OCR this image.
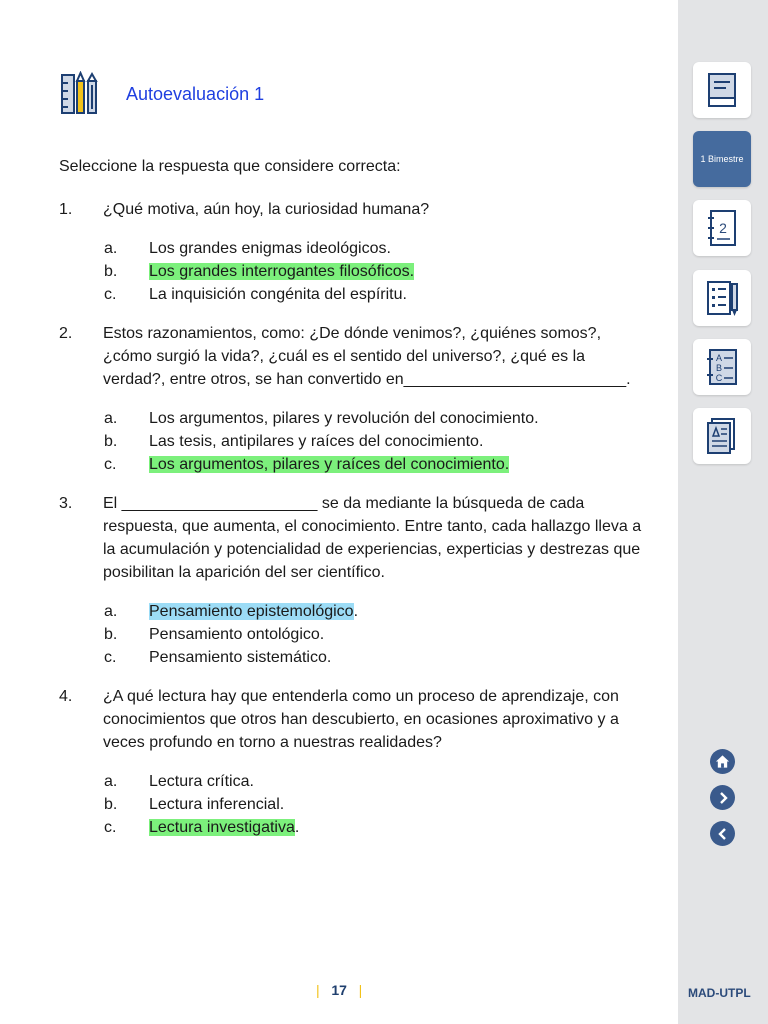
Autoevaluación 1
Seleccione la respuesta que considere correcta:
1.	¿Qué motiva, aún hoy, la curiosidad humana?
a.	Los grandes enigmas ideológicos.
b.	Los grandes interrogantes filosóficos.
c.	La inquisición congénita del espíritu.
2.	Estos razonamientos, como: ¿De dónde venimos?, ¿quiénes somos?, ¿cómo surgió la vida?, ¿cuál es el sentido del universo?, ¿qué es la verdad?, entre otros, se han convertido en_________________________.
a.	Los argumentos, pilares y revolución del conocimiento.
b.	Las tesis, antipilares y raíces del conocimiento.
c.	Los argumentos, pilares y raíces del conocimiento.
3.	El ______________________ se da mediante la búsqueda de cada respuesta, que aumenta, el conocimiento. Entre tanto, cada hallazgo lleva a la acumulación y potencialidad de experiencias, experticias y destrezas que posibilitan la aparición del ser científico.
a.	Pensamiento epistemológico.
b.	Pensamiento ontológico.
c.	Pensamiento sistemático.
4.	¿A qué lectura hay que entenderla como un proceso de aprendizaje, con conocimientos que otros han descubierto, en ocasiones aproximativo y a veces profundo en torno a nuestras realidades?
a.	Lectura crítica.
b.	Lectura inferencial.
c.	Lectura investigativa.
| 17 |
1 Bimestre
2
A
B
C
MAD-UTPL
